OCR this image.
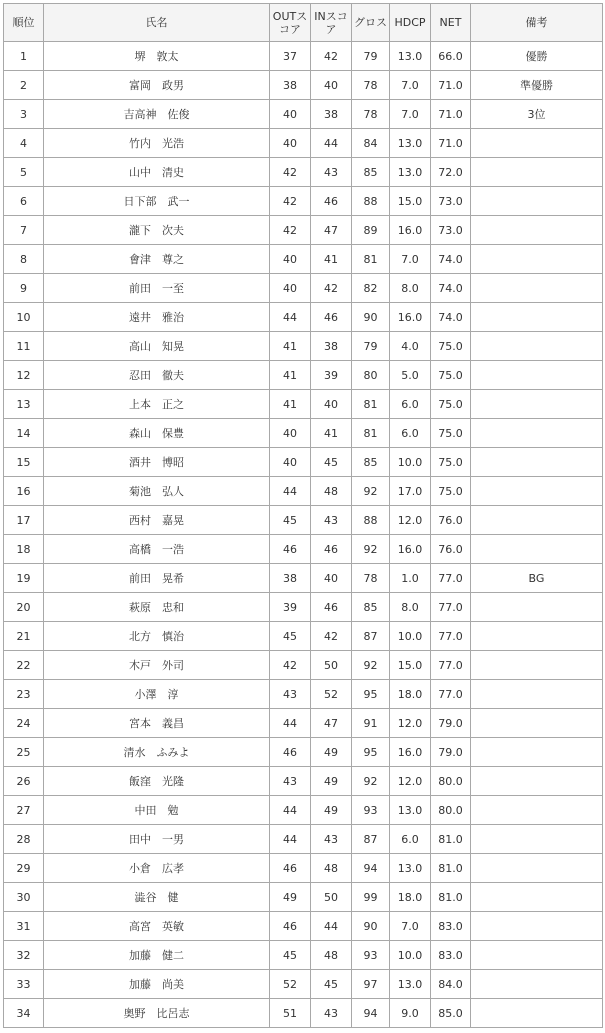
順位	氏名	OUTスコア	INスコア	グロス	HDCP	NET	備考
1	堺　敦太	37	42	79	13.0	66.0	優勝
2	富岡　政男	38	40	78	7.0	71.0	準優勝
3	吉高神　佐俊	40	38	78	7.0	71.0	3位
4	竹内　光浩	40	44	84	13.0	71.0	
5	山中　清史	42	43	85	13.0	72.0	
6	日下部　武一	42	46	88	15.0	73.0	
7	瀧下　次夫	42	47	89	16.0	73.0	
8	會津　尊之	40	41	81	7.0	74.0	
9	前田　一至	40	42	82	8.0	74.0	
10	遠井　雅治	44	46	90	16.0	74.0	
11	高山　知晃	41	38	79	4.0	75.0	
12	忍田　徹夫	41	39	80	5.0	75.0	
13	上本　正之	41	40	81	6.0	75.0	
14	森山　保豊	40	41	81	6.0	75.0	
15	酒井　博昭	40	45	85	10.0	75.0	
16	菊池　弘人	44	48	92	17.0	75.0	
17	西村　嘉晃	45	43	88	12.0	76.0	
18	高橋　一浩	46	46	92	16.0	76.0	
19	前田　晃希	38	40	78	1.0	77.0	BG
20	萩原　忠和	39	46	85	8.0	77.0	
21	北方　慎治	45	42	87	10.0	77.0	
22	木戸　外司	42	50	92	15.0	77.0	
23	小澤　淳	43	52	95	18.0	77.0	
24	宮本　義昌	44	47	91	12.0	79.0	
25	清水　ふみよ	46	49	95	16.0	79.0	
26	飯窪　光隆	43	49	92	12.0	80.0	
27	中田　勉	44	49	93	13.0	80.0	
28	田中　一男	44	43	87	6.0	81.0	
29	小倉　広孝	46	48	94	13.0	81.0	
30	澁谷　健	49	50	99	18.0	81.0	
31	高宮　英敏	46	44	90	7.0	83.0	
32	加藤　健二	45	48	93	10.0	83.0	
33	加藤　尚美	52	45	97	13.0	84.0	
34	奥野　比呂志	51	43	94	9.0	85.0	
